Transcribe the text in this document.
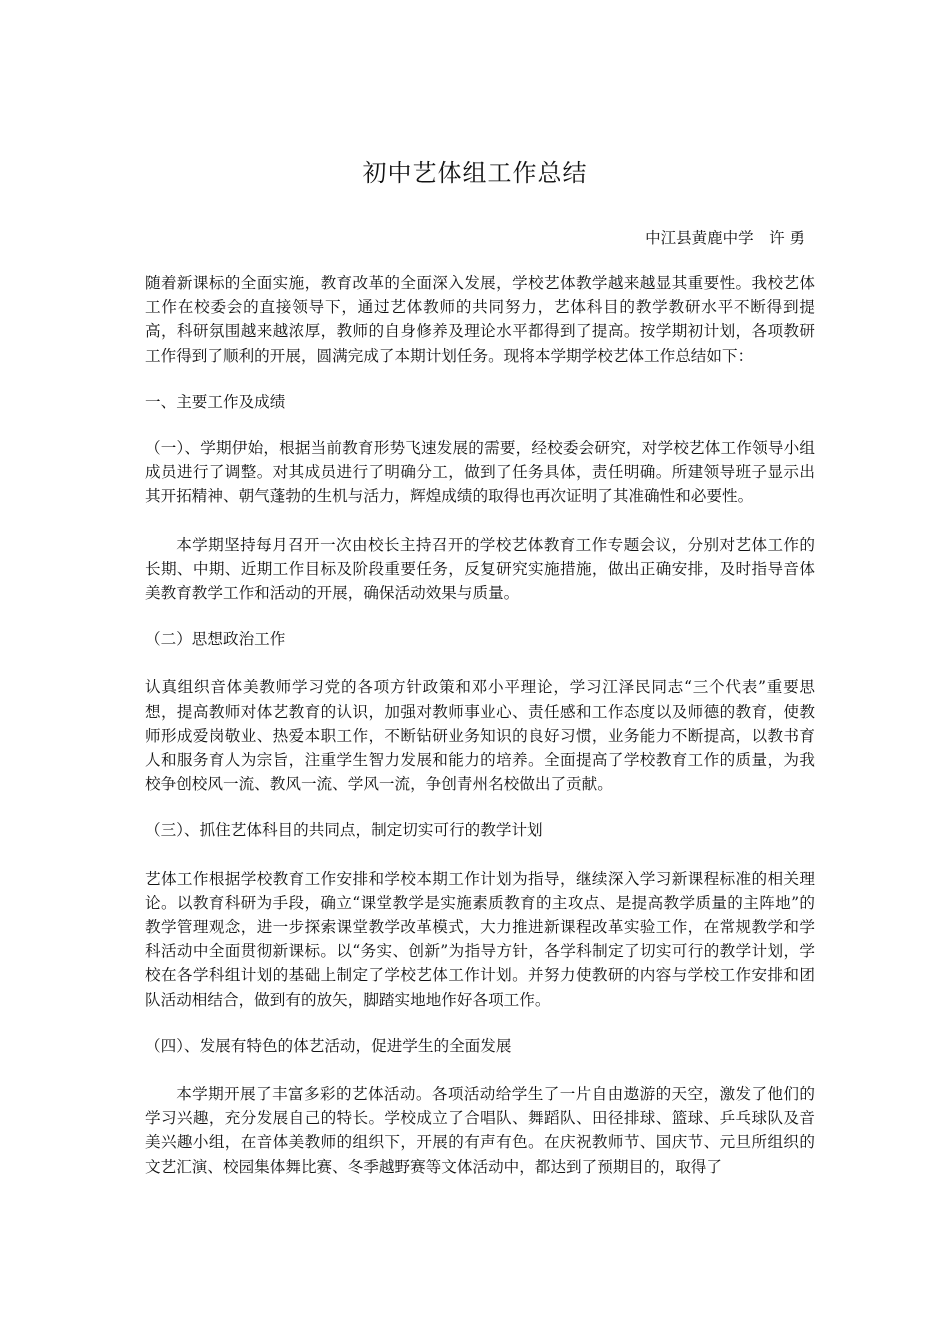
初中艺体组工作总结
中江县黄鹿中学　许 勇

随着新课标的全面实施，教育改革的全面深入发展，学校艺体教学越来越显其重要性。我校艺体工作在校委会的直接领导下，通过艺体教师的共同努力，艺体科目的教学教研水平不断得到提高，科研氛围越来越浓厚，教师的自身修养及理论水平都得到了提高。按学期初计划，各项教研工作得到了顺利的开展，圆满完成了本期计划任务。现将本学期学校艺体工作总结如下：

一、主要工作及成绩

（一）、学期伊始，根据当前教育形势飞速发展的需要，经校委会研究，对学校艺体工作领导小组成员进行了调整。对其成员进行了明确分工，做到了任务具体，责任明确。所建领导班子显示出其开拓精神、朝气蓬勃的生机与活力，辉煌成绩的取得也再次证明了其准确性和必要性。

本学期坚持每月召开一次由校长主持召开的学校艺体教育工作专题会议，分别对艺体工作的长期、中期、近期工作目标及阶段重要任务，反复研究实施措施，做出正确安排，及时指导音体美教育教学工作和活动的开展，确保活动效果与质量。

（二）思想政治工作

认真组织音体美教师学习党的各项方针政策和邓小平理论，学习江泽民同志“三个代表”重要思想，提高教师对体艺教育的认识，加强对教师事业心、责任感和工作态度以及师德的教育，使教师形成爱岗敬业、热爱本职工作，不断钻研业务知识的良好习惯，业务能力不断提高，以教书育人和服务育人为宗旨，注重学生智力发展和能力的培养。全面提高了学校教育工作的质量，为我校争创校风一流、教风一流、学风一流，争创青州名校做出了贡献。

（三）、抓住艺体科目的共同点，制定切实可行的教学计划

艺体工作根据学校教育工作安排和学校本期工作计划为指导，继续深入学习新课程标准的相关理论。以教育科研为手段，确立“课堂教学是实施素质教育的主攻点、是提高教学质量的主阵地”的教学管理观念，进一步探索课堂教学改革模式，大力推进新课程改革实验工作，在常规教学和学科活动中全面贯彻新课标。以“务实、创新”为指导方针，各学科制定了切实可行的教学计划，学校在各学科组计划的基础上制定了学校艺体工作计划。并努力使教研的内容与学校工作安排和团队活动相结合，做到有的放矢，脚踏实地地作好各项工作。

（四）、发展有特色的体艺活动，促进学生的全面发展

本学期开展了丰富多彩的艺体活动。各项活动给学生了一片自由遨游的天空，激发了他们的学习兴趣，充分发展自己的特长。学校成立了合唱队、舞蹈队、田径排球、篮球、乒乓球队及音美兴趣小组，在音体美教师的组织下，开展的有声有色。在庆祝教师节、国庆节、元旦所组织的文艺汇演、校园集体舞比赛、冬季越野赛等文体活动中，都达到了预期目的，取得了
